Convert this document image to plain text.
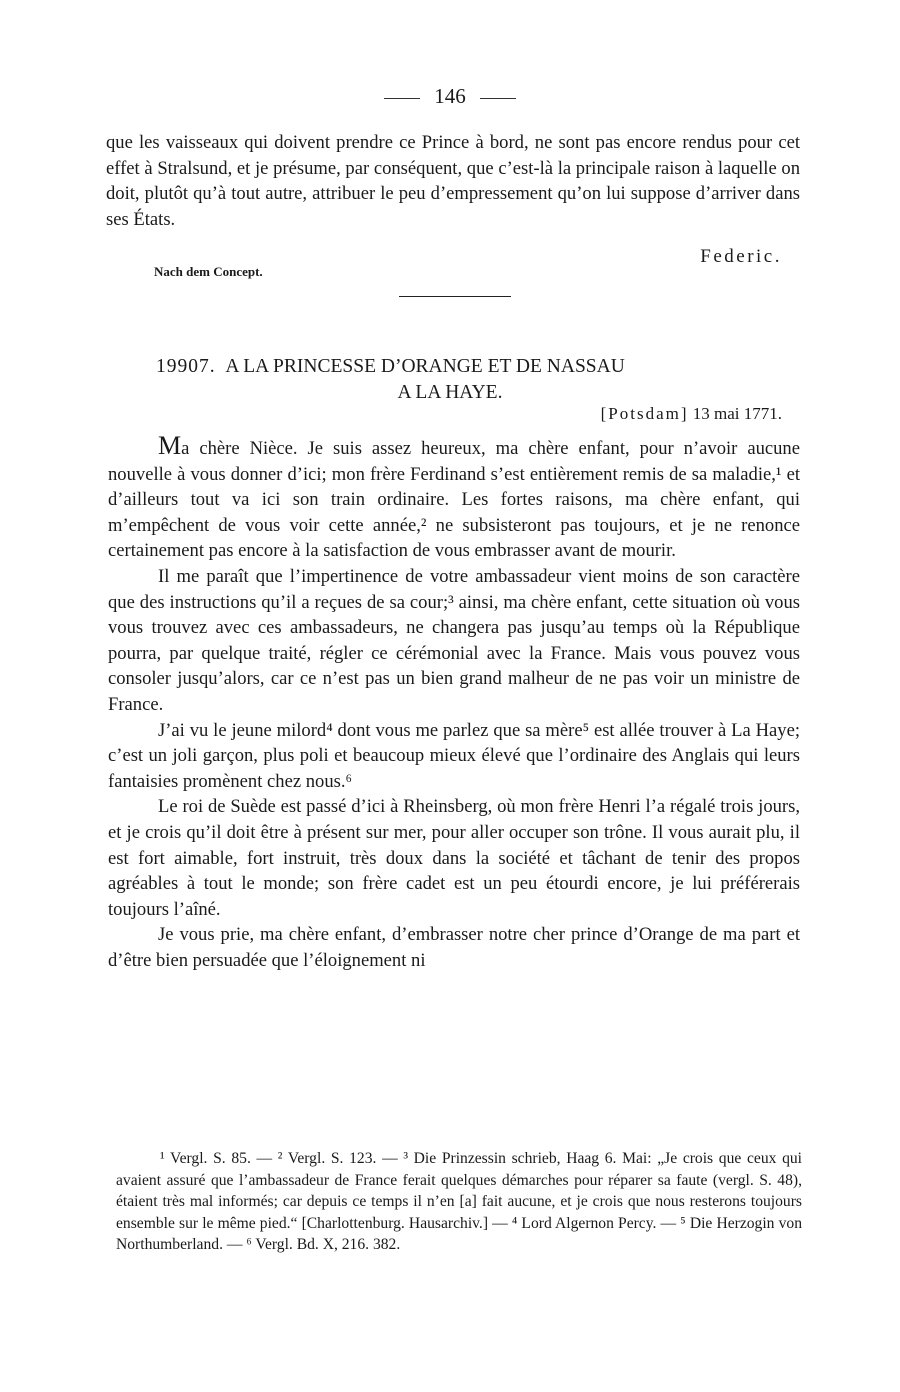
146

que les vaisseaux qui doivent prendre ce Prince à bord, ne sont pas encore rendus pour cet effet à Stralsund, et je présume, par conséquent, que c’est-là la principale raison à laquelle on doit, plutôt qu’à tout autre, attribuer le peu d’empressement qu’on lui suppose d’arriver dans ses États.

Federic.
Nach dem Concept.
19907. A LA PRINCESSE D’ORANGE ET DE NASSAU
A LA HAYE.
[Potsdam] 13 mai 1771.

Ma chère Nièce. Je suis assez heureux, ma chère enfant, pour n’avoir aucune nouvelle à vous donner d’ici; mon frère Ferdinand s’est entièrement remis de sa maladie,¹ et d’ailleurs tout va ici son train ordinaire. Les fortes raisons, ma chère enfant, qui m’empêchent de vous voir cette année,² ne subsisteront pas toujours, et je ne renonce certainement pas encore à la satisfaction de vous embrasser avant de mourir.

Il me paraît que l’impertinence de votre ambassadeur vient moins de son caractère que des instructions qu’il a reçues de sa cour;³ ainsi, ma chère enfant, cette situation où vous vous trouvez avec ces ambassadeurs, ne changera pas jusqu’au temps où la République pourra, par quelque traité, régler ce cérémonial avec la France. Mais vous pouvez vous consoler jusqu’alors, car ce n’est pas un bien grand malheur de ne pas voir un ministre de France.

J’ai vu le jeune milord⁴ dont vous me parlez que sa mère⁵ est allée trouver à La Haye; c’est un joli garçon, plus poli et beaucoup mieux élevé que l’ordinaire des Anglais qui leurs fantaisies promènent chez nous.⁶

Le roi de Suède est passé d’ici à Rheinsberg, où mon frère Henri l’a régalé trois jours, et je crois qu’il doit être à présent sur mer, pour aller occuper son trône. Il vous aurait plu, il est fort aimable, fort instruit, très doux dans la société et tâchant de tenir des propos agréables à tout le monde; son frère cadet est un peu étourdi encore, je lui préférerais toujours l’aîné.

Je vous prie, ma chère enfant, d’embrasser notre cher prince d’Orange de ma part et d’être bien persuadée que l’éloignement ni

¹ Vergl. S. 85. — ² Vergl. S. 123. — ³ Die Prinzessin schrieb, Haag 6. Mai: „Je crois que ceux qui avaient assuré que l’ambassadeur de France ferait quelques démarches pour réparer sa faute (vergl. S. 48), étaient très mal informés; car depuis ce temps il n’en [a] fait aucune, et je crois que nous resterons toujours ensemble sur le même pied.“ [Charlottenburg. Hausarchiv.] — ⁴ Lord Algernon Percy. — ⁵ Die Herzogin von Northumberland. — ⁶ Vergl. Bd. X, 216. 382.
